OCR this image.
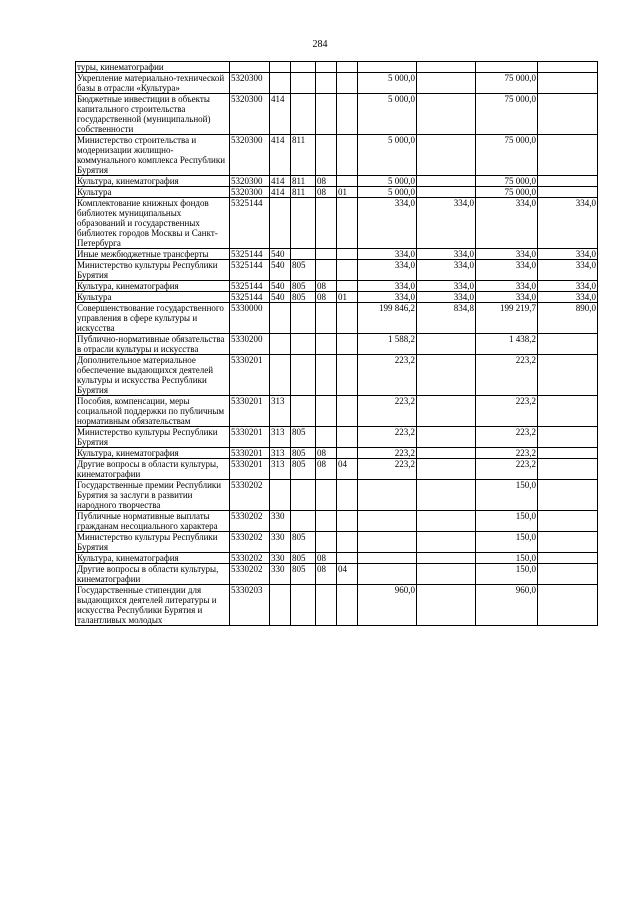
284
туры, кинематографии									
Укрепление материально-технической базы в отрасли «Культура»	5320300					5 000,0		75 000,0	
Бюджетные инвестиции в объекты капитального строительства государственной (муниципальной) собственности	5320300	414				5 000,0		75 000,0	
Министерство строительства и модернизации жилищно-коммунального комплекса Республики Бурятия	5320300	414	811			5 000,0		75 000,0	
Культура, кинематография	5320300	414	811	08		5 000,0		75 000,0	
Культура	5320300	414	811	08	01	5 000,0		75 000,0	
Комплектование книжных фондов библиотек муниципальных образований и государственных библиотек городов Москвы и Санкт-Петербурга	5325144					334,0	334,0	334,0	334,0
Иные межбюджетные трансферты	5325144	540				334,0	334,0	334,0	334,0
Министерство культуры Республики Бурятия	5325144	540	805			334,0	334,0	334,0	334,0
Культура, кинематография	5325144	540	805	08		334,0	334,0	334,0	334,0
Культура	5325144	540	805	08	01	334,0	334,0	334,0	334,0
Совершенствование государственного управления в сфере культуры и искусства	5330000					199 846,2	834,8	199 219,7	890,0
Публично-нормативные обязательства в отрасли культуры и искусства	5330200					1 588,2		1 438,2	
Дополнительное материальное обеспечение выдающихся деятелей культуры и искусства Республики Бурятия	5330201					223,2		223,2	
Пособия, компенсации, меры социальной поддержки по публичным нормативным обязательствам	5330201	313				223,2		223,2	
Министерство культуры Республики Бурятия	5330201	313	805			223,2		223,2	
Культура, кинематография	5330201	313	805	08		223,2		223,2	
Другие вопросы в области культуры, кинематографии	5330201	313	805	08	04	223,2		223,2	
Государственные премии Республики Бурятия за заслуги в развитии народного творчества	5330202							150,0	
Публичные нормативные выплаты гражданам несоциального характера	5330202	330						150,0	
Министерство культуры Республики Бурятия	5330202	330	805					150,0	
Культура, кинематография	5330202	330	805	08				150,0	
Другие вопросы в области культуры, кинематографии	5330202	330	805	08	04			150,0	
Государственные стипендии для выдающихся деятелей литературы и искусства Республики Бурятия и талантливых молодых	5330203					960,0		960,0	
